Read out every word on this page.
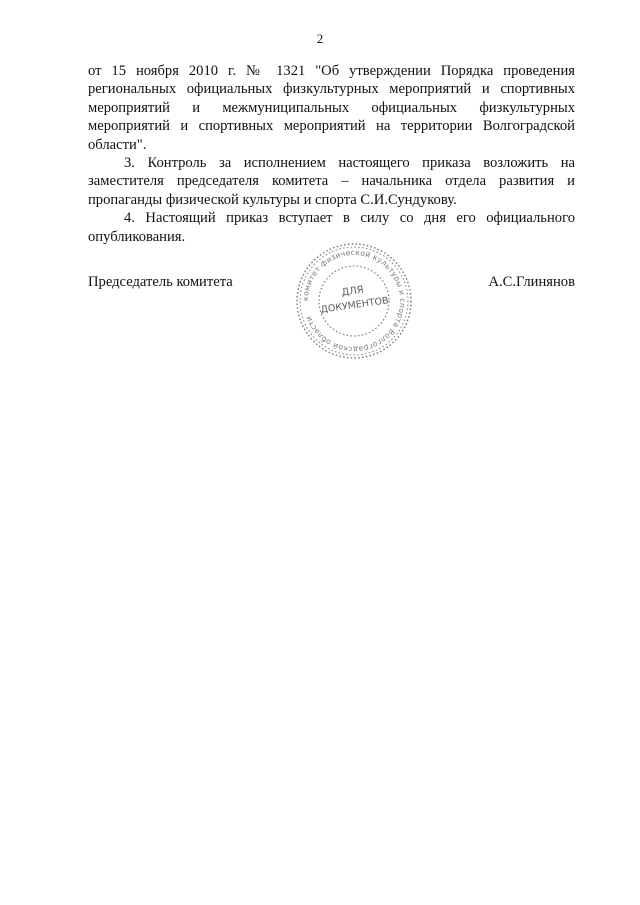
2

от 15 ноября 2010 г. № 1321 "Об утверждении Порядка проведения региональных официальных физкультурных мероприятий и спортивных мероприятий и межмуниципальных официальных физкультурных мероприятий и спортивных мероприятий на территории Волгоградской области".

3. Контроль за исполнением настоящего приказа возложить на заместителя председателя комитета – начальника отдела развития и пропаганды физической культуры и спорта С.И.Сундукову.

4. Настоящий приказ вступает в силу со дня его официального опубликования.

Председатель комитета	А.С.Глинянов
комитет физической культуры и спорта Волгоградской области
ДЛЯ
ДОКУМЕНТОВ
